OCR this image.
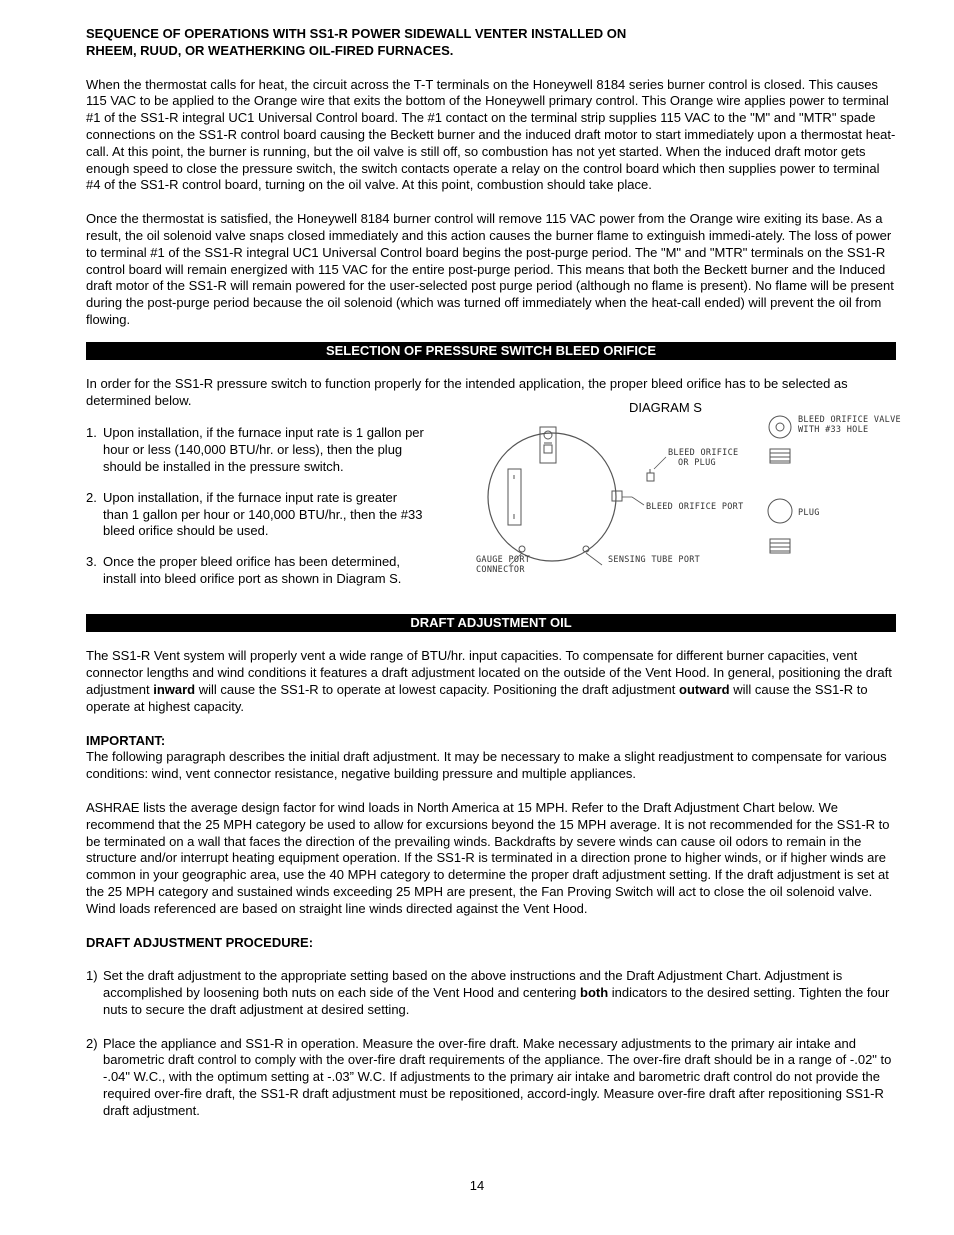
SEQUENCE OF OPERATIONS WITH SS1-R POWER SIDEWALL VENTER INSTALLED ON
RHEEM, RUUD, OR WEATHERKING OIL-FIRED FURNACES.

When the thermostat calls for heat, the circuit across the T-T terminals on the Honeywell 8184 series burner control is closed. This causes 115 VAC to be applied to the Orange wire that exits the bottom of the Honeywell primary control. This Orange wire applies power to terminal #1 of the SS1-R integral UC1 Universal Control board. The #1 contact on the terminal strip supplies 115 VAC to the "M" and "MTR" spade connections on the SS1-R control board causing the Beckett burner and the induced draft motor to start immediately upon a thermostat heat-call. At this point, the burner is running, but the oil valve is still off, so combustion has not yet started. When the induced draft motor gets enough speed to close the pressure switch, the switch contacts operate a relay on the control board which then supplies power to terminal #4 of the SS1-R control board, turning on the oil valve. At this point, combustion should take place.

Once the thermostat is satisfied, the Honeywell 8184 burner control will remove 115 VAC power from the Orange wire exiting its base. As a result, the oil solenoid valve snaps closed immediately and this action causes the burner flame to extinguish immedi-ately. The loss of power to terminal #1 of the SS1-R integral UC1 Universal Control board begins the post-purge period. The "M" and "MTR" terminals on the SS1-R control board will remain energized with 115 VAC for the entire post-purge period. This means that both the Beckett burner and the Induced draft motor of the SS1-R will remain powered for the user-selected post purge period (although no flame is present). No flame will be present during the post-purge period because the oil solenoid (which was turned off immediately when the heat-call ended) will prevent the oil from flowing.

SELECTION OF PRESSURE SWITCH BLEED ORIFICE

In order for the SS1-R pressure switch to function properly for the intended application, the proper bleed orifice has to be selected as determined below.

1. Upon installation, if the furnace input rate is 1 gallon per hour or less (140,000 BTU/hr. or less), then the plug should be installed in the pressure switch.
2. Upon installation, if the furnace input rate is greater than 1 gallon per hour or 140,000 BTU/hr., then the #33 bleed orifice should be used.
3. Once the proper bleed orifice has been determined, install into bleed orifice port as shown in Diagram S.
DIAGRAM S
BLEED ORIFICE VALVE
WITH #33 HOLE
BLEED ORIFICE
OR PLUG
BLEED ORIFICE PORT
PLUG
GAUGE PORT
CONNECTOR
SENSING TUBE PORT
DRAFT ADJUSTMENT OIL

The SS1-R Vent system will properly vent a wide range of BTU/hr. input capacities. To compensate for different burner capacities, vent connector lengths and wind conditions it features a draft adjustment located on the outside of the Vent Hood. In general, positioning the draft adjustment inward will cause the SS1-R to operate at lowest capacity. Positioning the draft adjustment outward will cause the SS1-R to operate at highest capacity.

IMPORTANT:

The following paragraph describes the initial draft adjustment. It may be necessary to make a slight readjustment to compensate for various conditions: wind, vent connector resistance, negative building pressure and multiple appliances.

ASHRAE lists the average design factor for wind loads in North America at 15 MPH. Refer to the Draft Adjustment Chart below. We recommend that the 25 MPH category be used to allow for excursions beyond the 15 MPH average. It is not recommended for the SS1-R to be terminated on a wall that faces the direction of the prevailing winds. Backdrafts by severe winds can cause oil odors to remain in the structure and/or interrupt heating equipment operation. If the SS1-R is terminated in a direction prone to higher winds, or if higher winds are common in your geographic area, use the 40 MPH category to determine the proper draft adjustment setting. If the draft adjustment is set at the 25 MPH category and sustained winds exceeding 25 MPH are present, the Fan Proving Switch will act to close the oil solenoid valve. Wind loads referenced are based on straight line winds directed against the Vent Hood.

DRAFT ADJUSTMENT PROCEDURE:

1) Set the draft adjustment to the appropriate setting based on the above instructions and the Draft Adjustment Chart. Adjustment is accomplished by loosening both nuts on each side of the Vent Hood and centering both indicators to the desired setting. Tighten the four nuts to secure the draft adjustment at desired setting.
2) Place the appliance and SS1-R in operation. Measure the over-fire draft. Make necessary adjustments to the primary air intake and barometric draft control to comply with the over-fire draft requirements of the appliance. The over-fire draft should be in a range of -.02" to -.04" W.C., with the optimum setting at -.03” W.C. If adjustments to the primary air intake and barometric draft control do not provide the required over-fire draft, the SS1-R draft adjustment must be repositioned, accord-ingly. Measure over-fire draft after repositioning SS1-R draft adjustment.
14
